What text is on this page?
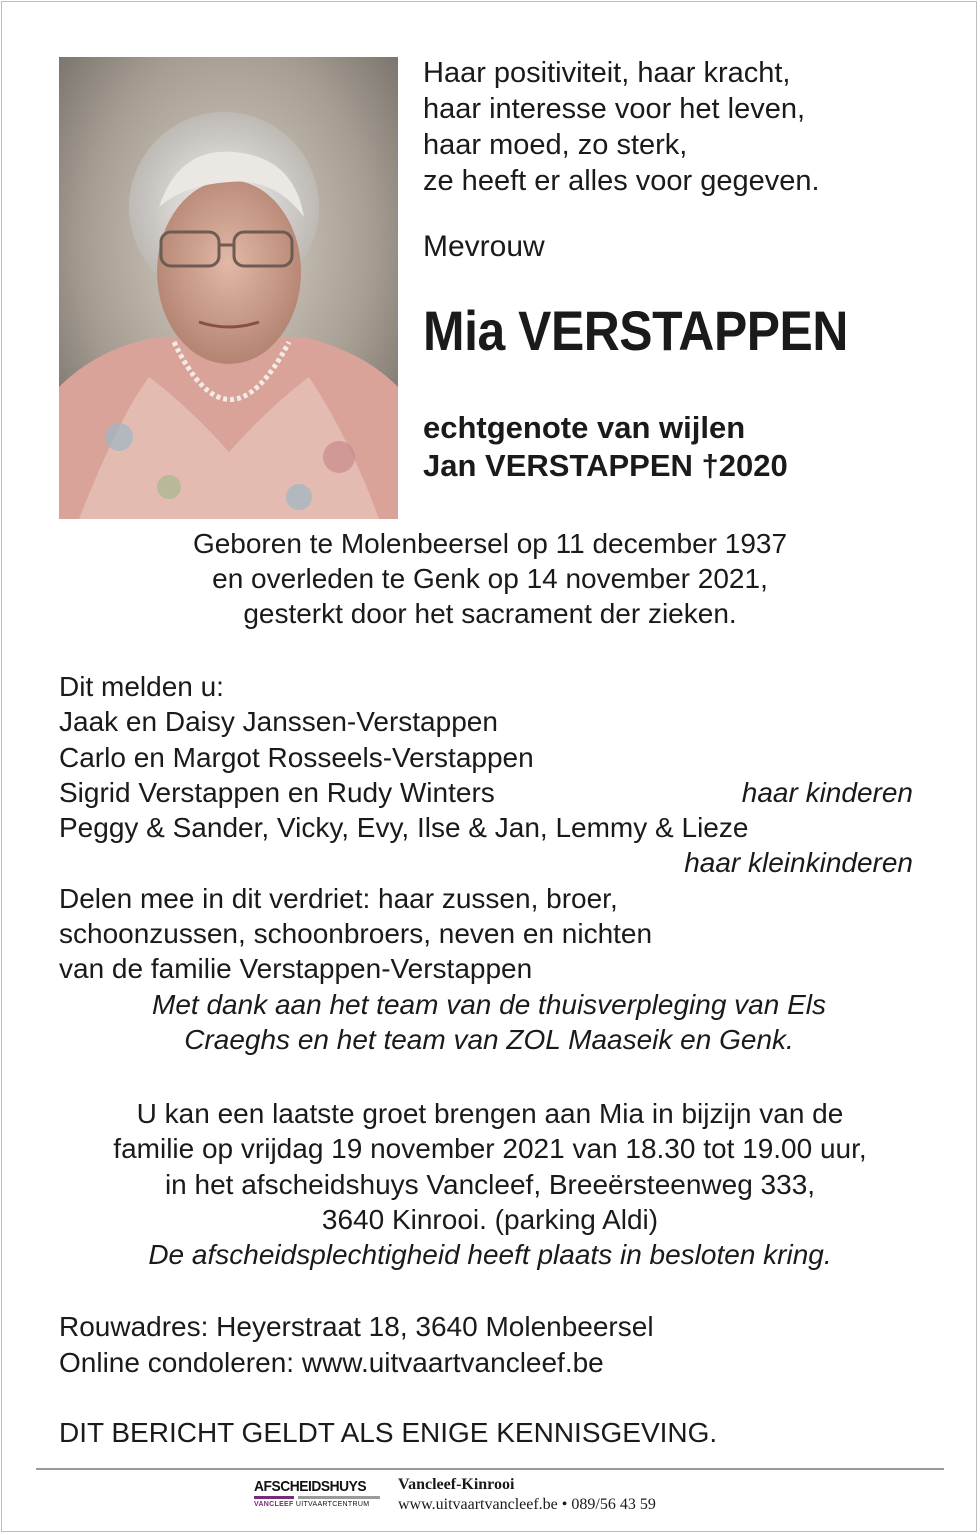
Haar positiviteit, haar kracht,
haar interesse voor het leven,
haar moed, zo sterk,
ze heeft er alles voor gegeven.
Mevrouw
Mia VERSTAPPEN
echtgenote van wijlen
Jan VERSTAPPEN †2020
Geboren te Molenbeersel op 11 december 1937
en overleden te Genk op 14 november 2021,
gesterkt door het sacrament der zieken.
Dit melden u:
Jaak en Daisy Janssen-Verstappen
Carlo en Margot Rosseels-Verstappen
Sigrid Verstappen en Rudy Winters	haar kinderen
Peggy & Sander, Vicky, Evy, Ilse & Jan, Lemmy & Lieze
haar kleinkinderen
Delen mee in dit verdriet: haar zussen, broer,
schoonzussen, schoonbroers, neven en nichten
van de familie Verstappen-Verstappen
Met dank aan het team van de thuisverpleging van Els
Craeghs en het team van ZOL Maaseik en Genk.
U kan een laatste groet brengen aan Mia in bijzijn van de
familie op vrijdag 19 november 2021 van 18.30 tot 19.00 uur,
in het afscheidshuys Vancleef, Breeërsteenweg 333,
3640 Kinrooi. (parking Aldi)
De afscheidsplechtigheid heeft plaats in besloten kring.
Rouwadres: Heyerstraat 18, 3640 Molenbeersel
Online condoleren: www.uitvaartvancleef.be
DIT BERICHT GELDT ALS ENIGE KENNISGEVING.
AFSCHEIDSHUYS
VANCLEEF UITVAARTCENTRUM
Vancleef-Kinrooi
www.uitvaartvancleef.be • 089/56 43 59
